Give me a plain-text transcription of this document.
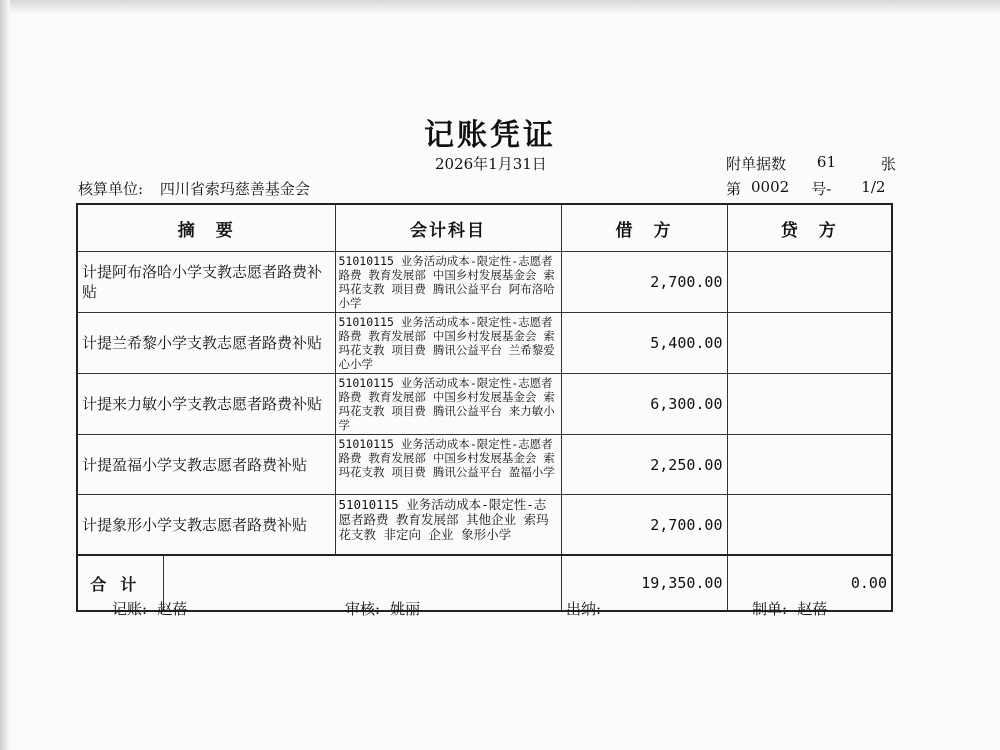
记账凭证
2026年1月31日	附单据数	61	张
核算单位: 四川省索玛慈善基金会	第 0002 号- 1/2
摘　要		会计科目	借　方	贷　方
计提阿布洛哈小学支教志愿者路费补贴		51010115 业务活动成本-限定性-志愿者路费 教育发展部 中国乡村发展基金会 索玛花支教 项目费 腾讯公益平台 阿布洛哈小学	2,700.00	
计提兰希黎小学支教志愿者路费补贴		51010115 业务活动成本-限定性-志愿者路费 教育发展部 中国乡村发展基金会 索玛花支教 项目费 腾讯公益平台 兰希黎爱心小学	5,400.00	
计提来力敏小学支教志愿者路费补贴		51010115 业务活动成本-限定性-志愿者路费 教育发展部 中国乡村发展基金会 索玛花支教 项目费 腾讯公益平台 来力敏小学	6,300.00	
计提盈福小学支教志愿者路费补贴		51010115 业务活动成本-限定性-志愿者路费 教育发展部 中国乡村发展基金会 索玛花支教 项目费 腾讯公益平台 盈福小学	2,250.00	
计提象形小学支教志愿者路费补贴		51010115 业务活动成本-限定性-志愿者路费 教育发展部 其他企业 索玛花支教 非定向 企业 象形小学	2,700.00	
合计			19,350.00	0.00
记账: 赵蓓	审核: 姚丽	出纳:	制单: 赵蓓
